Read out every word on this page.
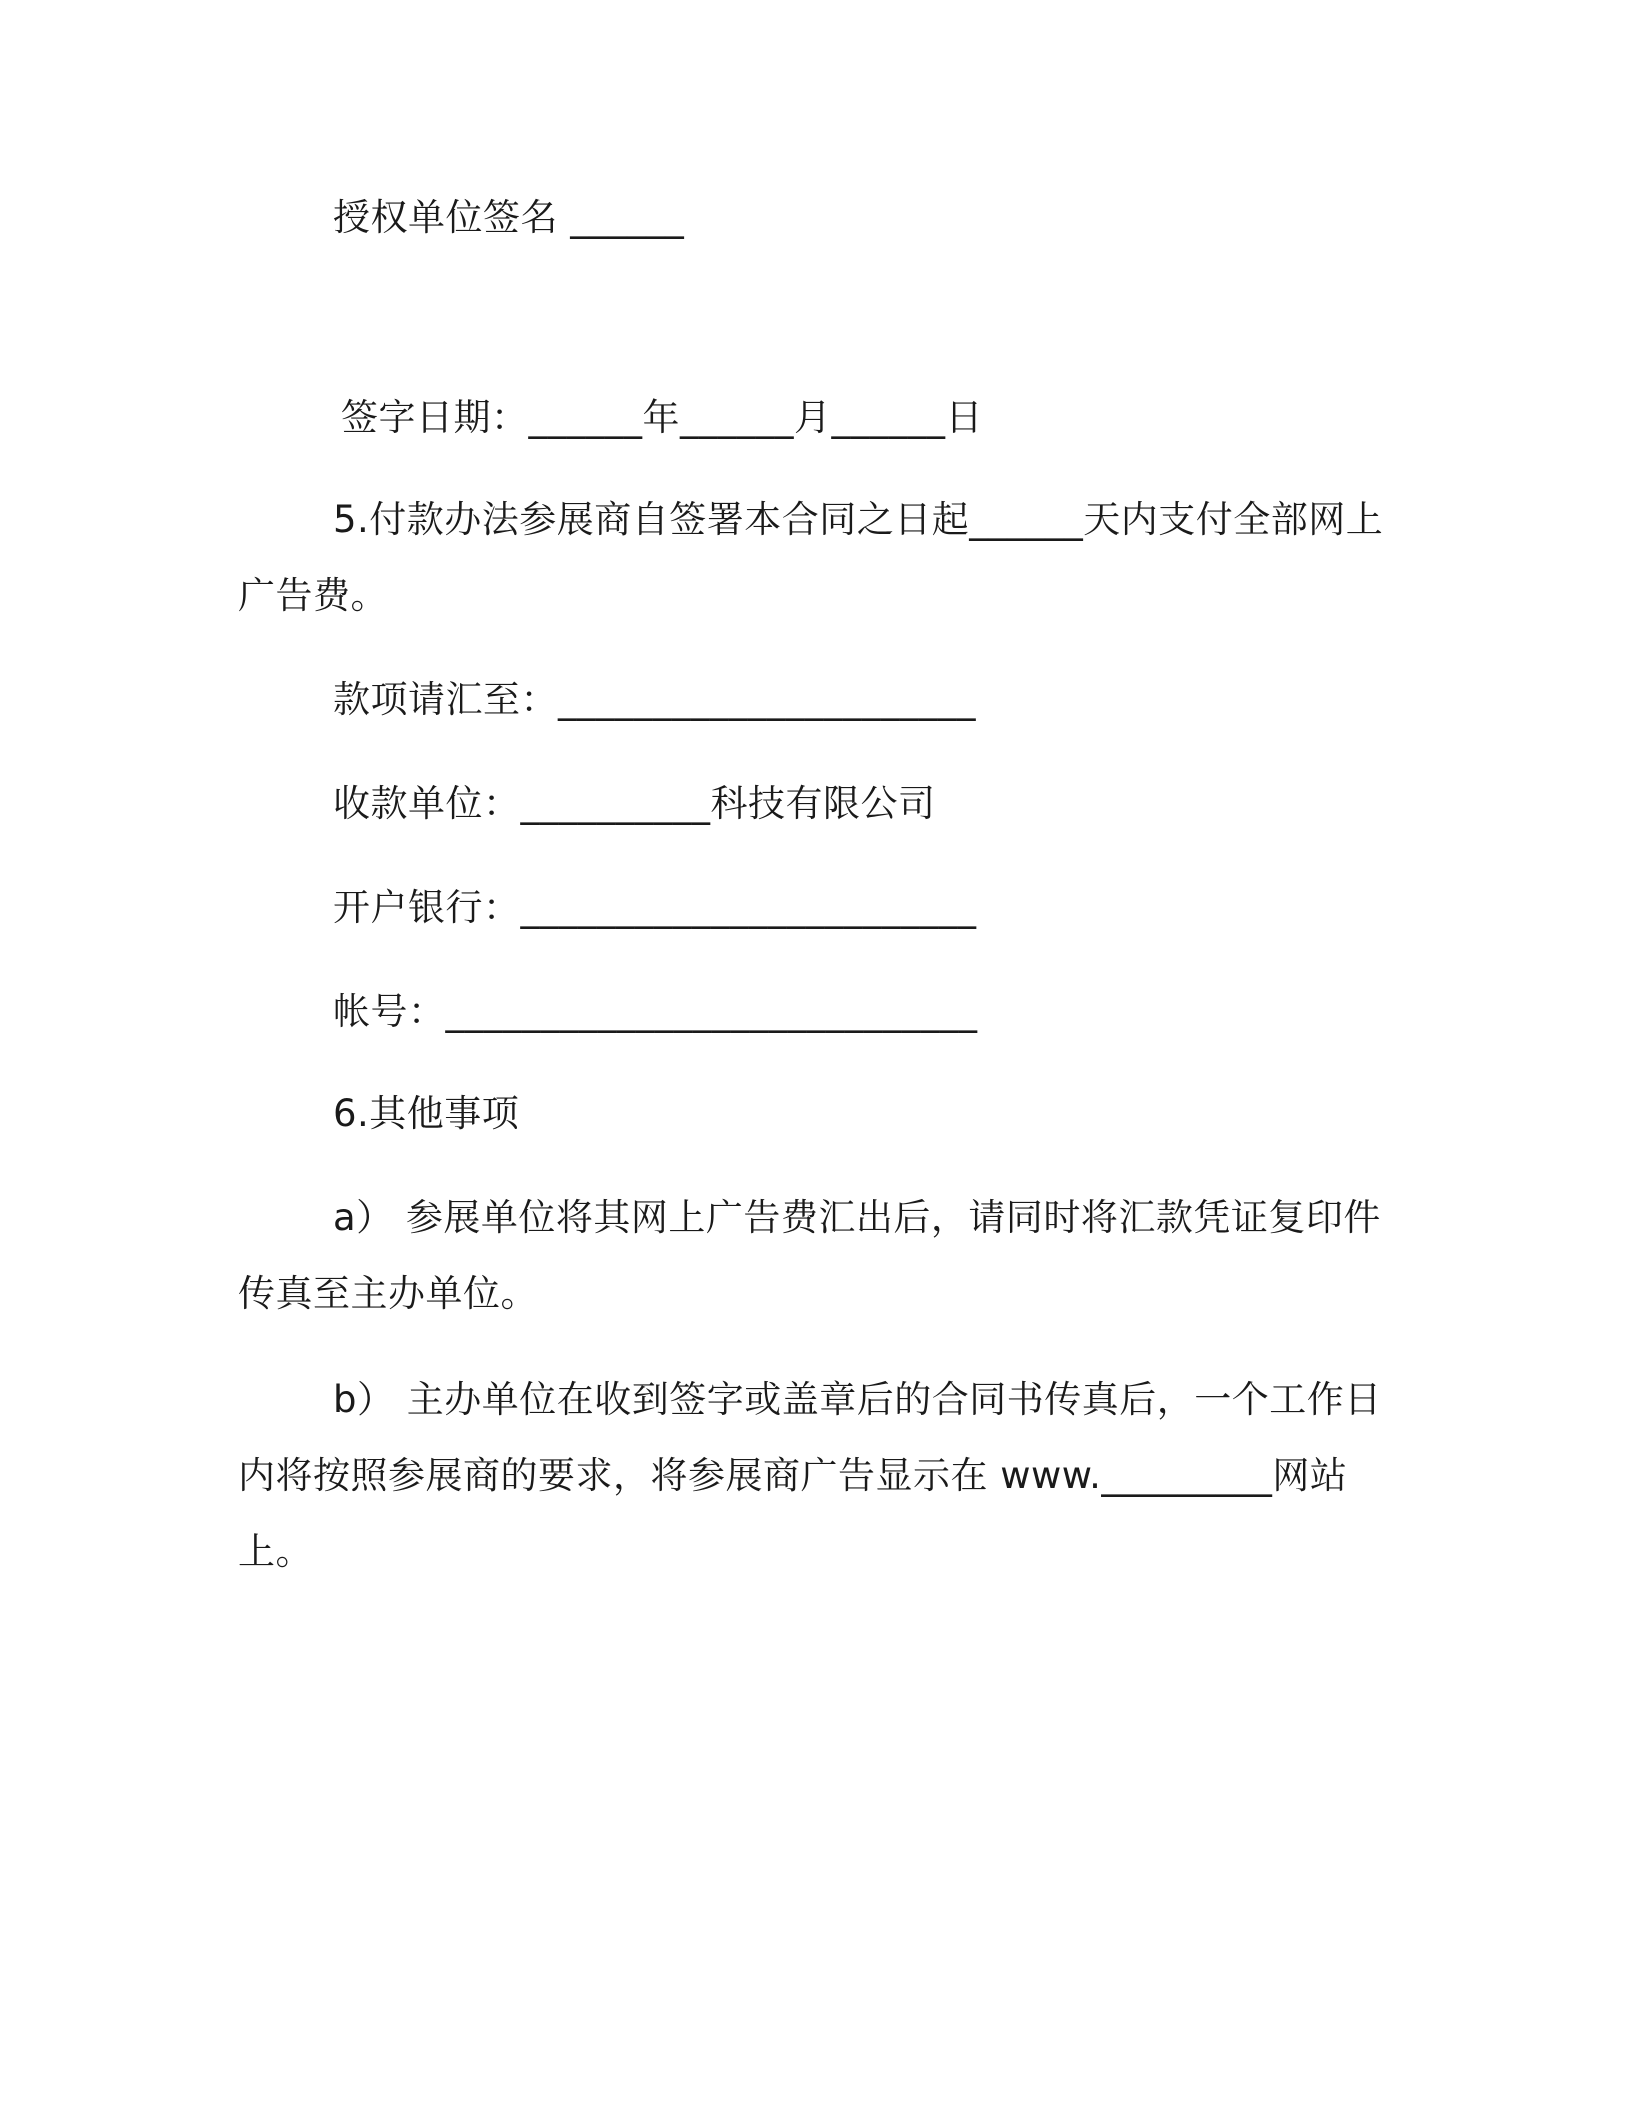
授权单位签名 ______
签字日期：______年______月______日
5.付款办法参展商自签署本合同之日起______天内支付全部网上
广告费。
款项请汇至：______________________
收款单位：__________科技有限公司
开户银行：________________________
帐号：____________________________
6.其他事项
a） 参展单位将其网上广告费汇出后，请同时将汇款凭证复印件
传真至主办单位。
b） 主办单位在收到签字或盖章后的合同书传真后，一个工作日
内将按照参展商的要求，将参展商广告显示在 www._________网站
上。
